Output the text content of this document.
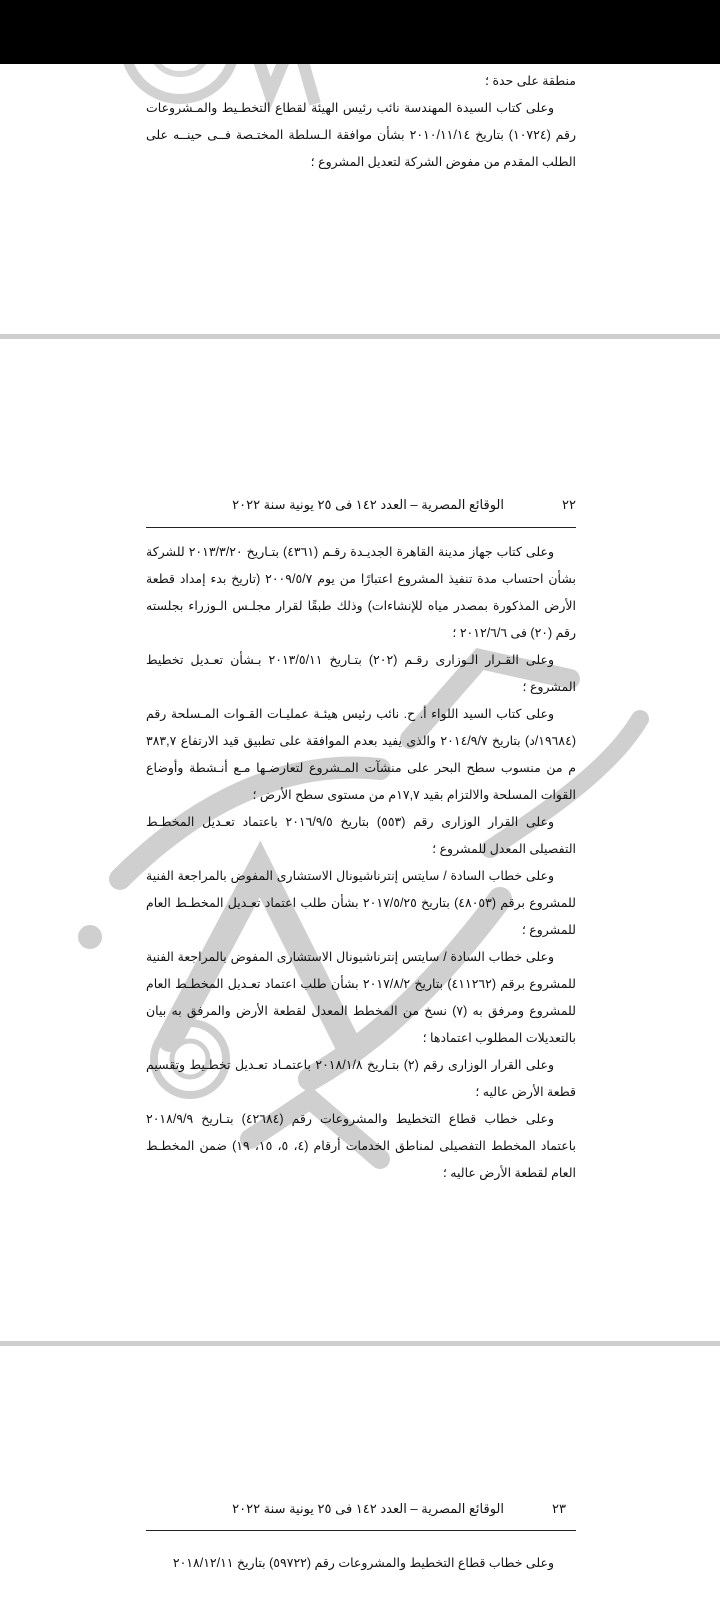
منطقة على حدة ؛

وعلى كتاب السيدة المهندسة نائب رئيس الهيئة لقطاع التخطـيط والمـشروعات رقم (١٠٧٢٤) بتاريخ ٢٠١٠/١١/١٤ بشأن موافقة الـسلطة المختـصة فــى حينــه على الطلب المقدم من مفوض الشركة لتعديل المشروع ؛

٢٢
الوقائع المصرية – العدد ١٤٢ فى ٢٥ يونية سنة ٢٠٢٢

وعلى كتاب جهاز مدينة القاهرة الجديـدة رقـم (٤٣٦١) بتـاريخ ٢٠١٣/٣/٢٠ للشركة بشأن احتساب مدة تنفيذ المشروع اعتبارًا من يوم ٢٠٠٩/٥/٧ (تاريخ بدء إمداد قطعة الأرض المذكورة بمصدر مياه للإنشاءات) وذلك طبقًا لقرار مجلـس الـوزراء بجلسته رقم (٢٠) فى ٢٠١٢/٦/٦ ؛

وعلى القـرار الـوزارى رقـم (٢٠٢) بتـاريخ ٢٠١٣/٥/١١ بـشأن تعـديل تخطيط المشروع ؛

وعلى كتاب السيد اللواء أ. ح. نائب رئيس هيئـة عمليـات القـوات المـسلحة رقم (١٩٦٨٤/د) بتاريخ ٢٠١٤/٩/٧ والذى يفيد بعدم الموافقة على تطبيق قيد الارتفاع ٣٨٣,٧ م من منسوب سطح البحر على منشآت المـشروع لتعارضـها مـع أنـشطة وأوضاع القوات المسلحة والالتزام بقيد ١٧,٧م من مستوى سطح الأرض ؛

وعلى القرار الوزارى رقم (٥٥٣) بتاريخ ٢٠١٦/٩/٥ باعتماد تعـديل المخطـط التفصيلى المعدل للمشروع ؛

وعلى خطاب السادة / سايتس إنترناشيونال الاستشارى المفوض بالمراجعة الفنية للمشروع برقم (٤٨٠٥٣) بتاريخ ٢٠١٧/٥/٢٥ بشأن طلب اعتماد تعـديل المخطـط العام للمشروع ؛

وعلى خطاب السادة / سايتس إنترناشيونال الاستشارى المفوض بالمراجعة الفنية للمشروع برقم (٤١١٢٦٢) بتاريخ ٢٠١٧/٨/٢ بشأن طلب اعتماد تعـديل المخطـط العام للمشروع ومرفق به (٧) نسخ من المخطط المعدل لقطعة الأرض والمرفق به بيان بالتعديلات المطلوب اعتمادها ؛

وعلى القرار الوزارى رقم (٢) بتـاريخ ٢٠١٨/١/٨ باعتمـاد تعـديل تخطـيط وتقسيم قطعة الأرض عاليه ؛

وعلى خطاب قطاع التخطيط والمشروعات رقم (٤٢٦٨٤) بتـاريخ ٢٠١٨/٩/٩ باعتماد المخطط التفصيلى لمناطق الخدمات أرقام (٤، ٥، ١٥، ١٩) ضمن المخطـط العام لقطعة الأرض عاليه ؛

٢٣
الوقائع المصرية – العدد ١٤٢ فى ٢٥ يونية سنة ٢٠٢٢

وعلى خطاب قطاع التخطيط والمشروعات رقم (٥٩٧٢٢) بتاريخ ٢٠١٨/١٢/١١
